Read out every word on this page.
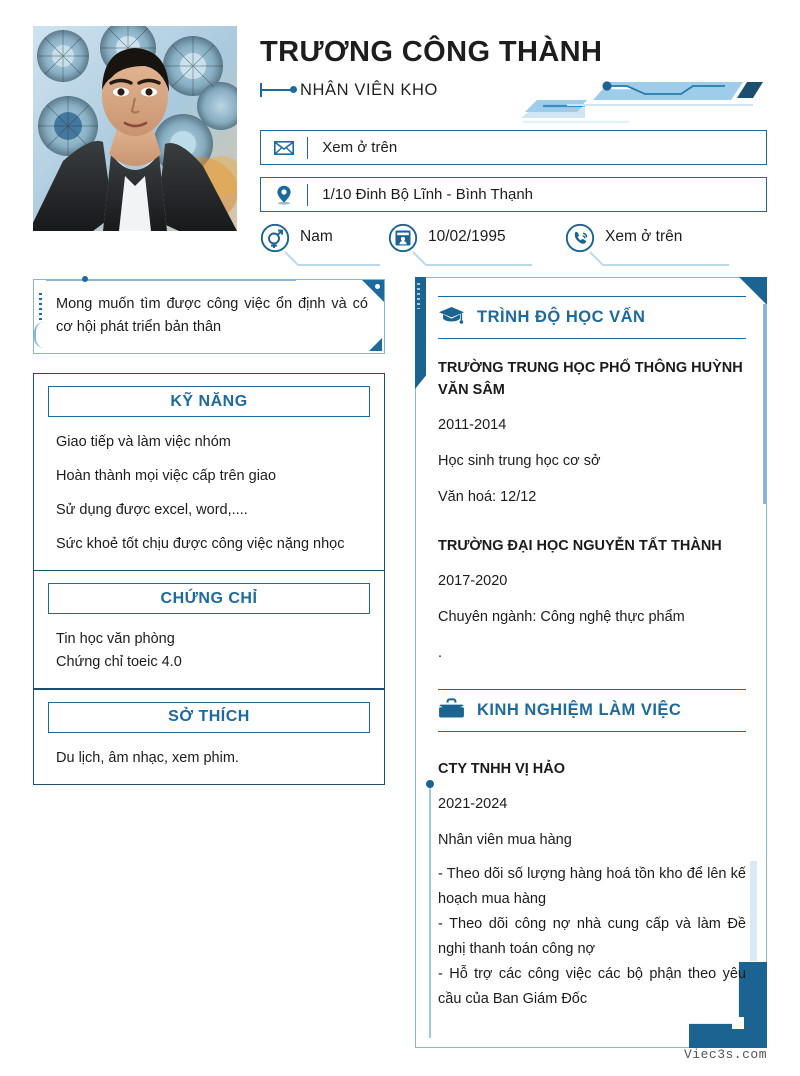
TRƯƠNG CÔNG THÀNH
NHÂN VIÊN KHO
Xem ở trên
1/10 Đinh Bộ Lĩnh - Bình Thạnh
Nam	10/02/1995	Xem ở trên
Mong muốn tìm được công việc ổn định và có cơ hội phát triển bản thân
KỸ NĂNG
Giao tiếp và làm việc nhóm
Hoàn thành mọi việc cấp trên giao
Sử dụng được excel, word,....
Sức khoẻ tốt chịu được công việc nặng nhọc
CHỨNG CHỈ
Tin học văn phòng
Chứng chỉ toeic 4.0
SỞ THÍCH
Du lịch, âm nhạc, xem phim.
TRÌNH ĐỘ HỌC VẤN
TRƯỜNG TRUNG HỌC PHỔ THÔNG HUỲNH VĂN SÂM
2011-2014
Học sinh trung học cơ sở
Văn hoá: 12/12
TRƯỜNG ĐẠI HỌC NGUYỄN TẤT THÀNH
2017-2020
Chuyên ngành: Công nghệ thực phẩm
.
KINH NGHIỆM LÀM VIỆC
CTY TNHH VỊ HẢO
2021-2024
Nhân viên mua hàng
- Theo dõi số lượng hàng hoá tồn kho để lên kế hoạch mua hàng
- Theo dõi công nợ nhà cung cấp và làm Đề nghị thanh toán công nợ
- Hỗ trợ các công việc các bộ phận theo yêu cầu của Ban Giám Đốc
Viec3s.com
